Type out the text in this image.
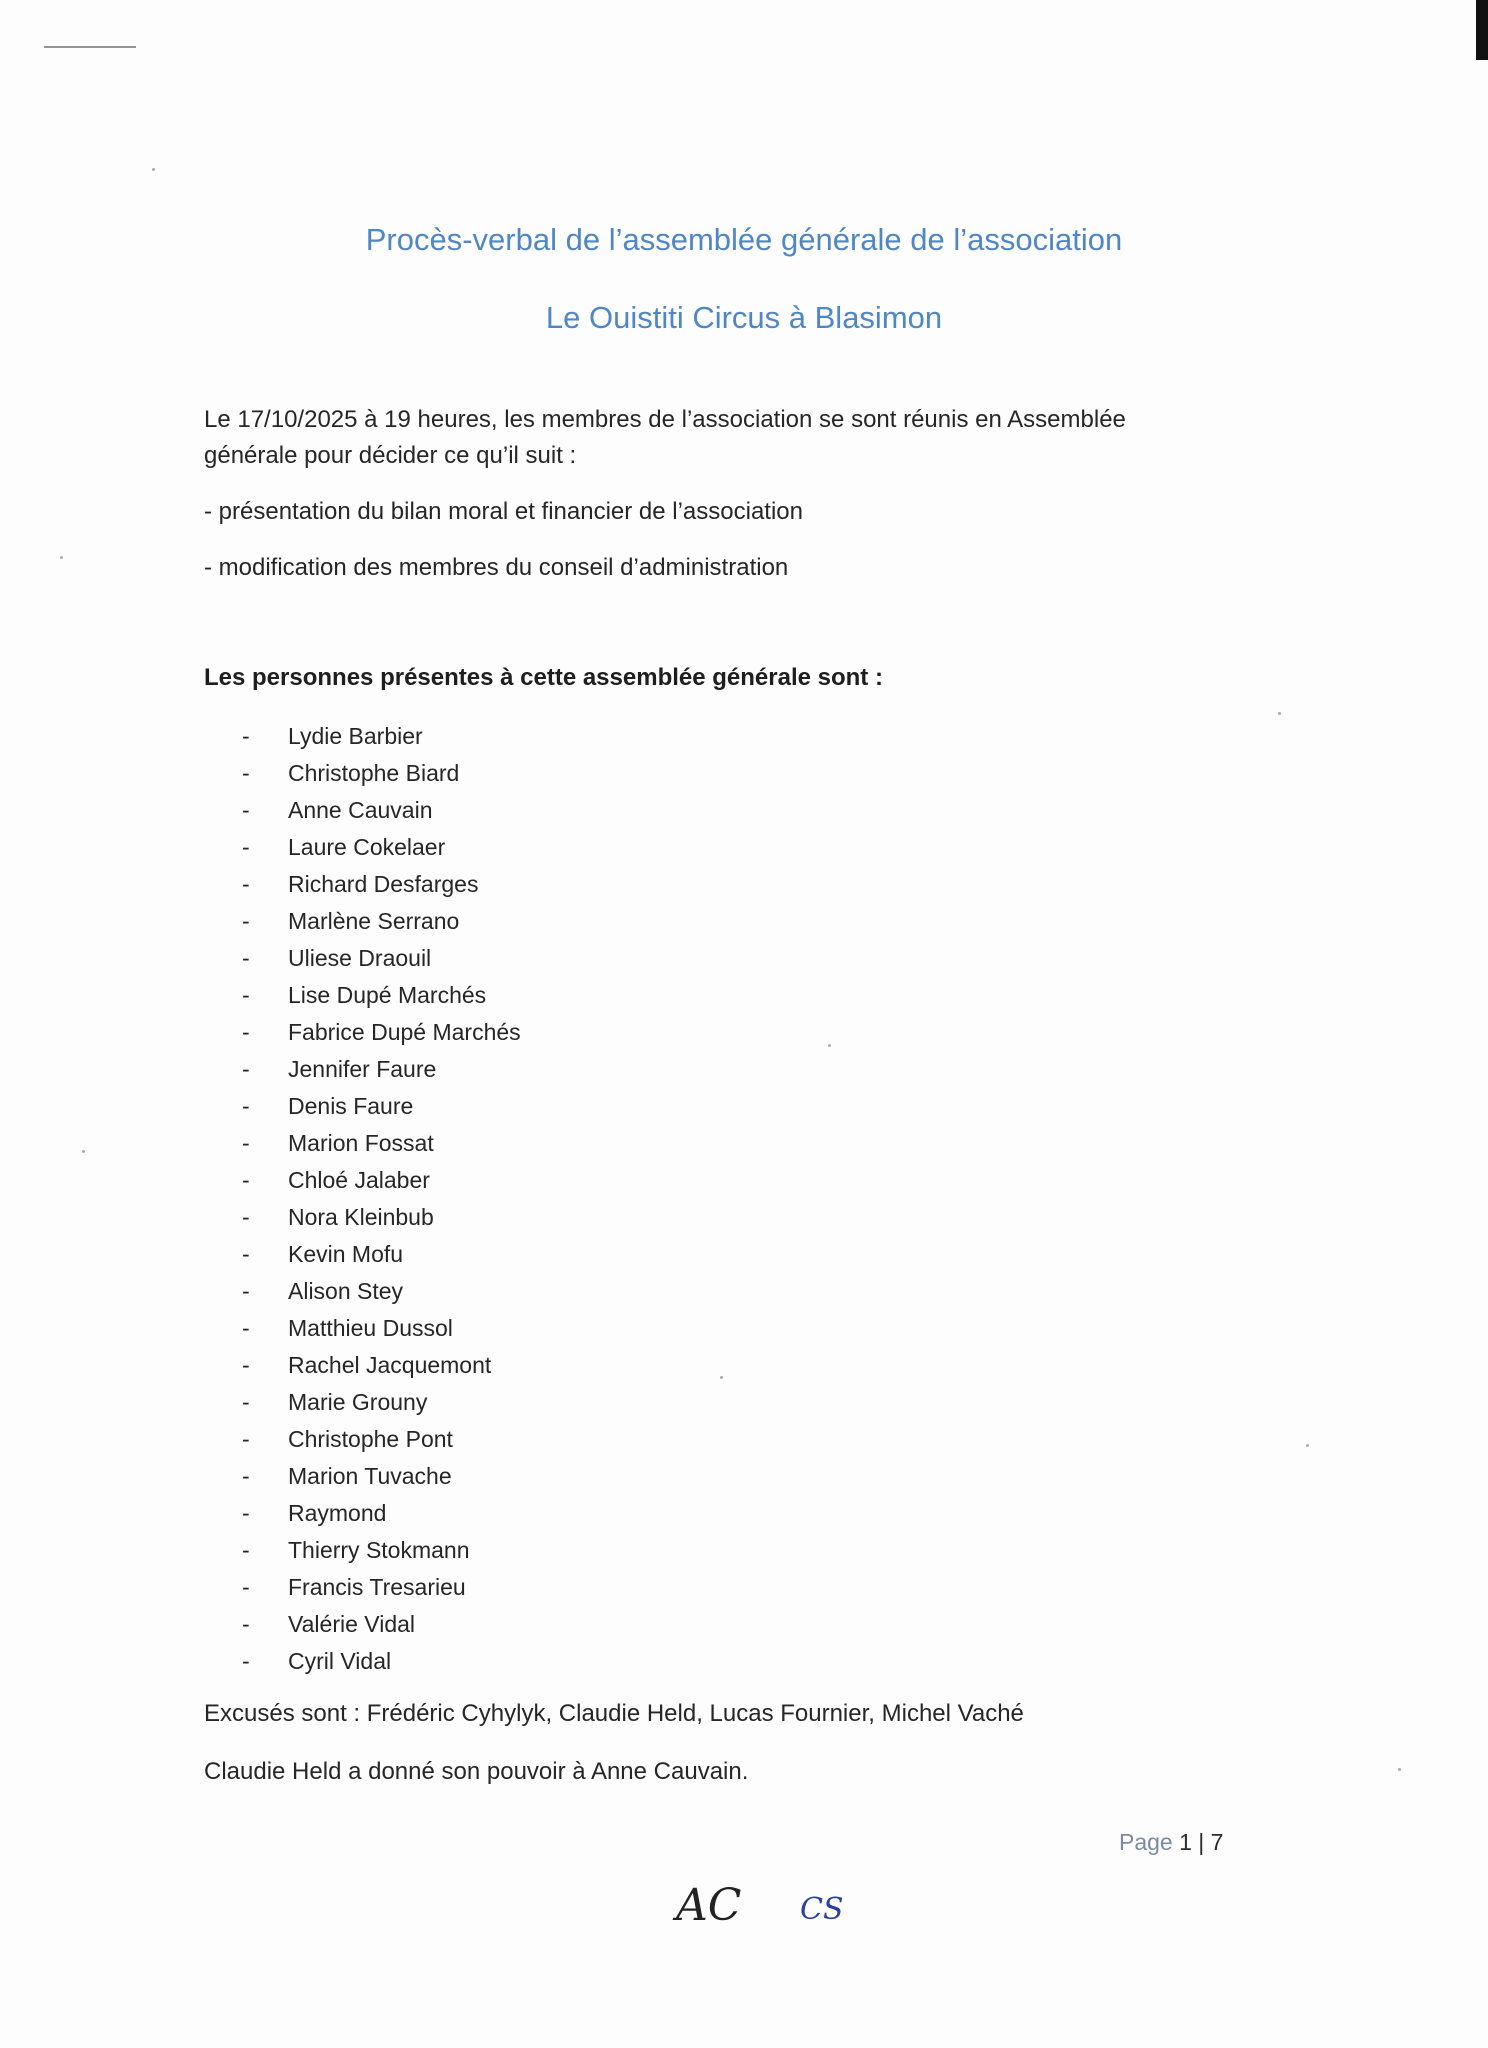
Procès-verbal de l’assemblée générale de l’association
Le Ouistiti Circus à Blasimon
Le 17/10/2025 à 19 heures, les membres de l’association se sont réunis en Assemblée générale pour décider ce qu’il suit :
- présentation du bilan moral et financier de l’association
- modification des membres du conseil d’administration
Les personnes présentes à cette assemblée générale sont :
-	Lydie Barbier
-	Christophe Biard
-	Anne Cauvain
-	Laure Cokelaer
-	Richard Desfarges
-	Marlène Serrano
-	Uliese Draouil
-	Lise Dupé Marchés
-	Fabrice Dupé Marchés
-	Jennifer Faure
-	Denis Faure
-	Marion Fossat
-	Chloé Jalaber
-	Nora Kleinbub
-	Kevin Mofu
-	Alison Stey
-	Matthieu Dussol
-	Rachel Jacquemont
-	Marie Grouny
-	Christophe Pont
-	Marion Tuvache
-	Raymond
-	Thierry Stokmann
-	Francis Tresarieu
-	Valérie Vidal
-	Cyril Vidal
Excusés sont : Frédéric Cyhylyk, Claudie Held, Lucas Fournier, Michel Vaché
Claudie Held a donné son pouvoir à Anne Cauvain.
Page 1 | 7
AC CS
